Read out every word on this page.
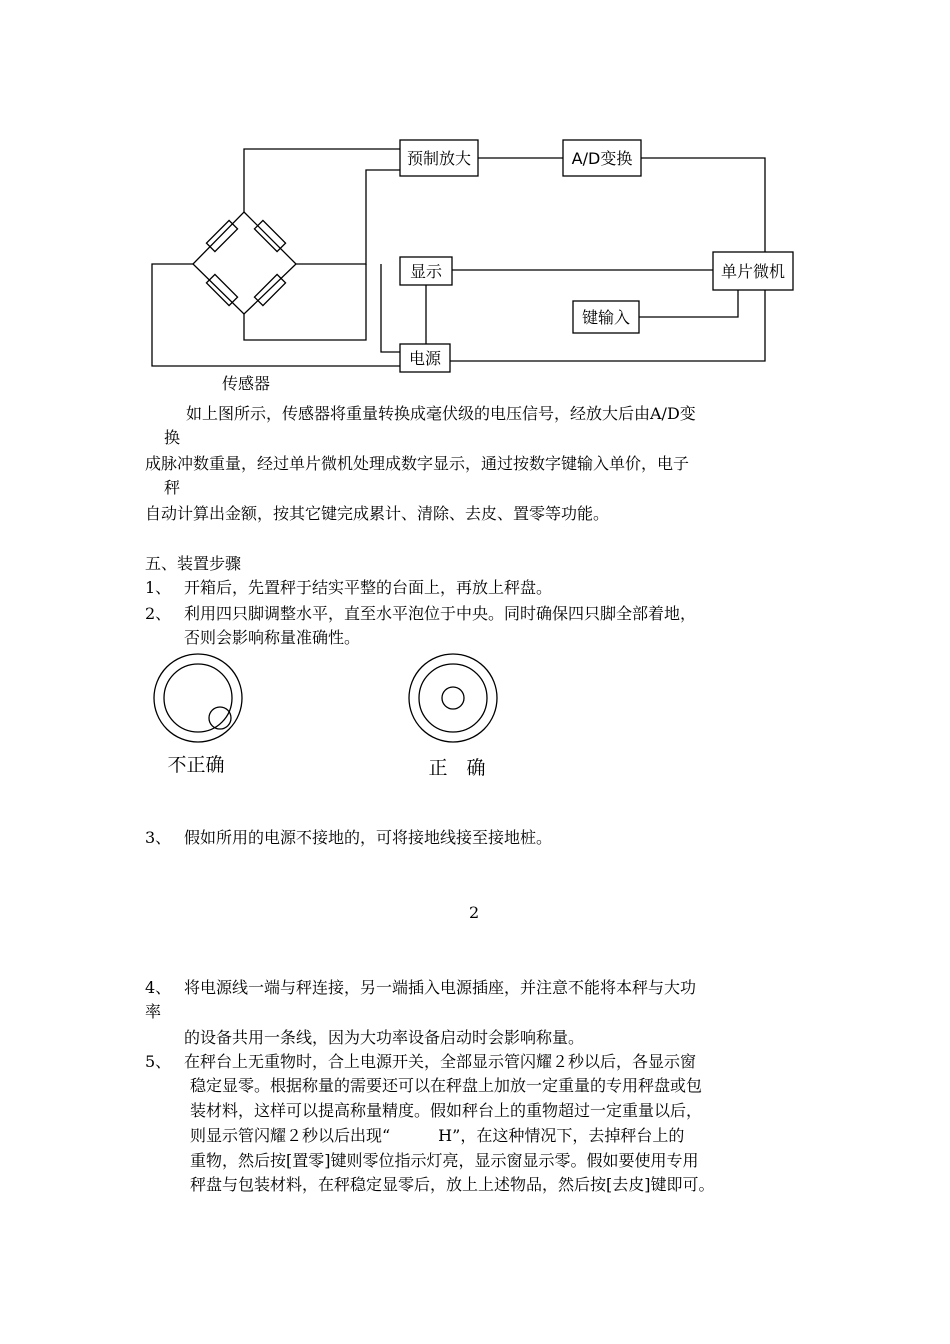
预制放大	A/D变换
显示	单片微机
键输入
电源
传感器
不正确	正　确
如上图所示，传感器将重量转换成毫伏级的电压信号，经放大后由A/D变
换
成脉冲数重量，经过单片微机处理成数字显示，通过按数字键输入单价，电子
秤
自动计算出金额，按其它键完成累计、清除、去皮、置零等功能。
五、装置步骤
1、 开箱后，先置秤于结实平整的台面上，再放上秤盘。
2、 利用四只脚调整水平，直至水平泡位于中央。同时确保四只脚全部着地，
否则会影响称量准确性。
3、 假如所用的电源不接地的，可将接地线接至接地桩。
2
4、 将电源线一端与秤连接，另一端插入电源插座，并注意不能将本秤与大功
率
的设备共用一条线，因为大功率设备启动时会影响称量。
5、 在秤台上无重物时，合上电源开关，全部显示管闪耀２秒以后，各显示窗
稳定显零。根据称量的需要还可以在秤盘上加放一定重量的专用秤盘或包
装材料，这样可以提高称量精度。假如秤台上的重物超过一定重量以后，
则显示管闪耀２秒以后出现“　　　H”，在这种情况下，去掉秤台上的
重物，然后按[置零]键则零位指示灯亮，显示窗显示零。假如要使用专用
秤盘与包装材料，在秤稳定显零后，放上上述物品，然后按[去皮]键即可。
